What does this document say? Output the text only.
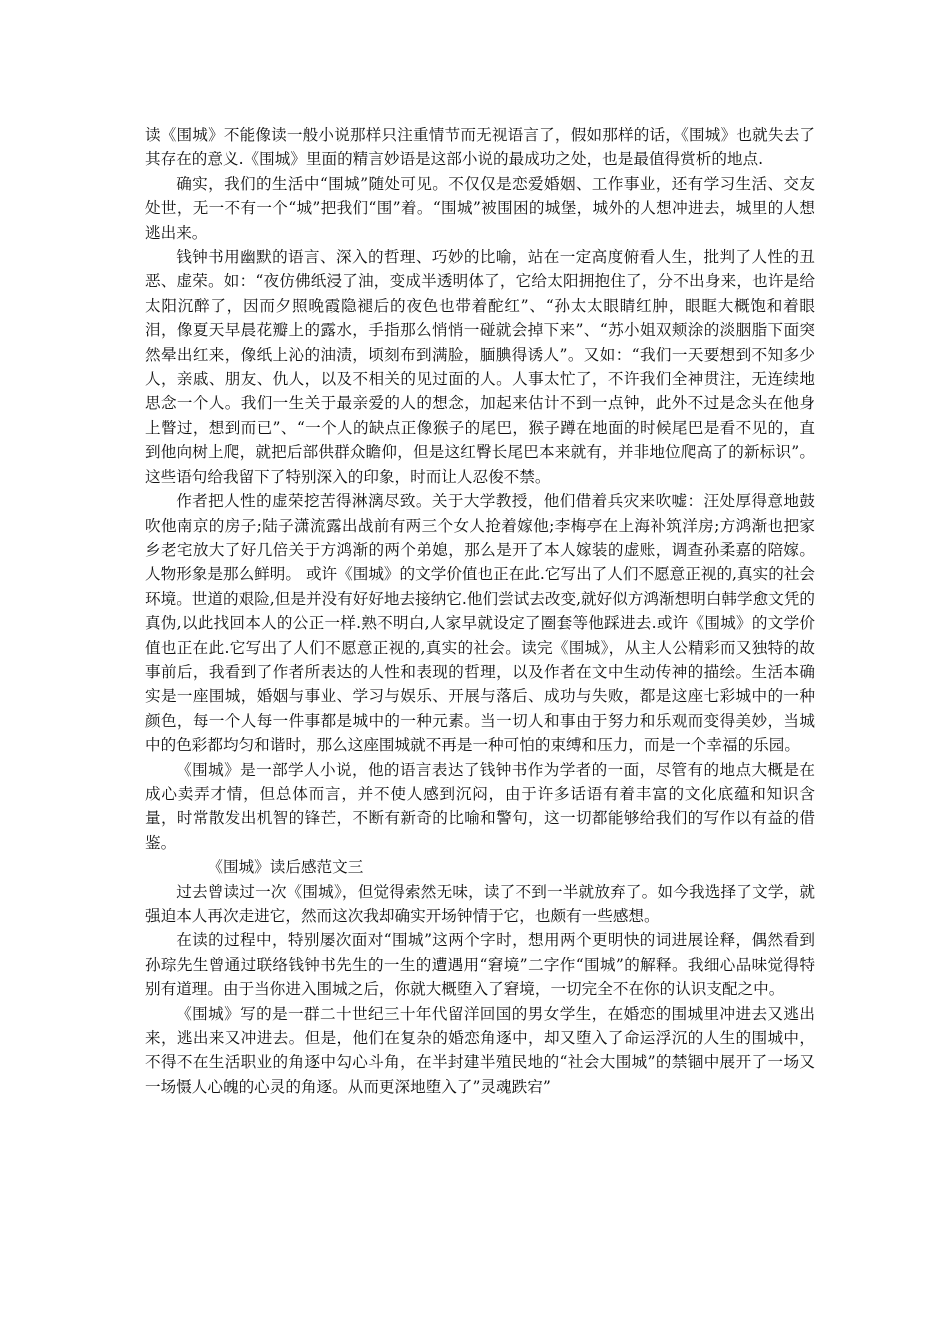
读《围城》不能像读一般小说那样只注重情节而无视语言了，假如那样的话，《围城》也就失去了其存在的意义.《围城》里面的精言妙语是这部小说的最成功之处，也是最值得赏析的地点.

确实，我们的生活中“围城”随处可见。不仅仅是恋爱婚姻、工作事业，还有学习生活、交友处世，无一不有一个“城”把我们“围”着。“围城”被围困的城堡，城外的人想冲进去，城里的人想逃出来。

钱钟书用幽默的语言、深入的哲理、巧妙的比喻，站在一定高度俯看人生，批判了人性的丑恶、虚荣。如：“夜仿佛纸浸了油，变成半透明体了，它给太阳拥抱住了，分不出身来，也许是给太阳沉醉了，因而夕照晚霞隐褪后的夜色也带着酡红”、“孙太太眼睛红肿，眼眶大概饱和着眼泪，像夏天早晨花瓣上的露水，手指那么悄悄一碰就会掉下来”、“苏小姐双颊涂的淡胭脂下面突然晕出红来，像纸上沁的油渍，顷刻布到满脸，腼腆得诱人”。又如：“我们一天要想到不知多少人，亲戚、朋友、仇人，以及不相关的见过面的人。人事太忙了，不许我们全神贯注，无连续地思念一个人。我们一生关于最亲爱的人的想念，加起来估计不到一点钟，此外不过是念头在他身上瞥过，想到而已”、“一个人的缺点正像猴子的尾巴，猴子蹲在地面的时候尾巴是看不见的，直到他向树上爬，就把后部供群众瞻仰，但是这红臀长尾巴本来就有，并非地位爬高了的新标识”。这些语句给我留下了特别深入的印象，时而让人忍俊不禁。

作者把人性的虚荣挖苦得淋漓尽致。关于大学教授，他们借着兵灾来吹嘘：汪处厚得意地鼓吹他南京的房子;陆子潇流露出战前有两三个女人抢着嫁他;李梅亭在上海补筑洋房;方鸿渐也把家乡老宅放大了好几倍关于方鸿渐的两个弟媳，那么是开了本人嫁装的虚账，调查孙柔嘉的陪嫁。人物形象是那么鲜明。 或许《围城》的文学价值也正在此.它写出了人们不愿意正视的,真实的社会环境。世道的艰险,但是并没有好好地去接纳它.他们尝试去改变,就好似方鸿渐想明白韩学愈文凭的真伪,以此找回本人的公正一样.熟不明白,人家早就设定了圈套等他踩进去.或许《围城》的文学价值也正在此.它写出了人们不愿意正视的,真实的社会。读完《围城》，从主人公精彩而又独特的故事前后，我看到了作者所表达的人性和表现的哲理，以及作者在文中生动传神的描绘。生活本确实是一座围城，婚姻与事业、学习与娱乐、开展与落后、成功与失败，都是这座七彩城中的一种颜色，每一个人每一件事都是城中的一种元素。当一切人和事由于努力和乐观而变得美妙，当城中的色彩都均匀和谐时，那么这座围城就不再是一种可怕的束缚和压力，而是一个幸福的乐园。

《围城》是一部学人小说，他的语言表达了钱钟书作为学者的一面，尽管有的地点大概是在成心卖弄才情，但总体而言，并不使人感到沉闷，由于许多话语有着丰富的文化底蕴和知识含量，时常散发出机智的锋芒，不断有新奇的比喻和警句，这一切都能够给我们的写作以有益的借鉴。

《围城》读后感范文三

过去曾读过一次《围城》，但觉得索然无味，读了不到一半就放弃了。如今我选择了文学，就强迫本人再次走进它，然而这次我却确实开场钟情于它，也颇有一些感想。

在读的过程中，特别屡次面对“围城”这两个字时，想用两个更明快的词进展诠释，偶然看到孙琮先生曾通过联络钱钟书先生的一生的遭遇用“窘境”二字作“围城”的解释。我细心品味觉得特别有道理。由于当你进入围城之后，你就大概堕入了窘境，一切完全不在你的认识支配之中。

《围城》写的是一群二十世纪三十年代留洋回国的男女学生，在婚恋的围城里冲进去又逃出来，逃出来又冲进去。但是，他们在复杂的婚恋角逐中，却又堕入了命运浮沉的人生的围城中，不得不在生活职业的角逐中勾心斗角，在半封建半殖民地的“社会大围城”的禁锢中展开了一场又一场慑人心魄的心灵的角逐。从而更深地堕入了”灵魂跌宕”
